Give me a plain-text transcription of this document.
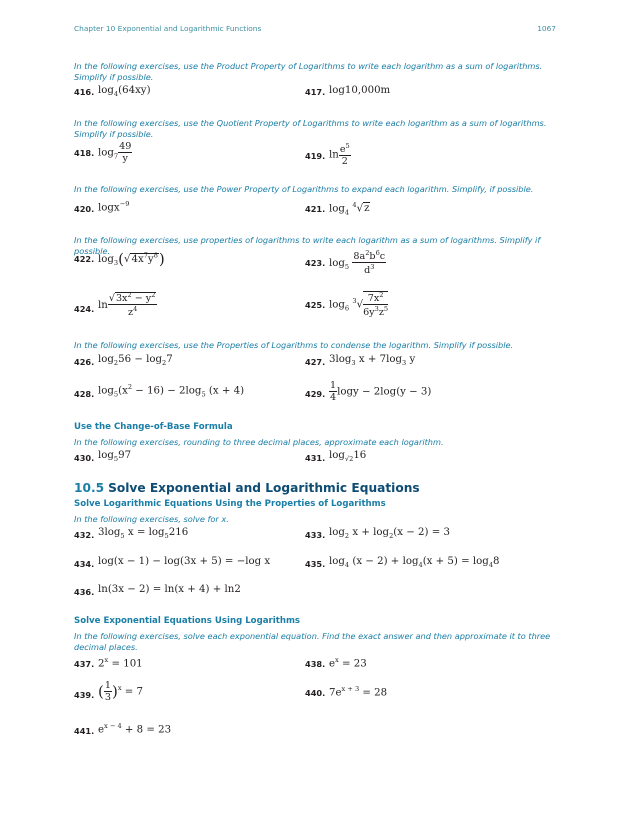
Chapter 10 Exponential and Logarithmic Functions	1067
In the following exercises, use the Product Property of Logarithms to write each logarithm as a sum of logarithms. Simplify if possible.
416. $\log_4(64xy)$	417. log10,000m
In the following exercises, use the Quotient Property of Logarithms to write each logarithm as a sum of logarithms. Simplify if possible.
418. $\log_7 \frac{49}{y}$	419. $\ln \frac{e^5}{2}$
In the following exercises, use the Power Property of Logarithms to expand each logarithm. Simplify, if possible.
420. logx$^{-9}$	421. $\log_4 ^4√z$
In the following exercises, use properties of logarithms to write each logarithm as a sum of logarithms. Simplify if possible.
422. $\log_3(√4x^7y^8)$	423. $\log_5 \frac{8a^2b^6c}{d^3}$
424. $\ln \frac{√3x^2 - y^2}{z^4}$	425. $\log_6 ^3√ \frac{7x^2}{6y^3z^5}$
In the following exercises, use the Properties of Logarithms to condense the logarithm. Simplify if possible.
426. $\log_256 - \log_27$	427. $3\log_3$ $x + 7\log_3$ y
428. $\log_5(x^2 - 16) - 2\log_5$ (x + 4)	429. $\frac{1}{4}$ logy − 2log(y − 3)
Use the Change-of-Base Formula
In the following exercises, rounding to three decimal places, approximate each logarithm.
430. $\log_597$	431. $\log_{√2}16$
10.5 Solve Exponential and Logarithmic Equations
Solve Logarithmic Equations Using the Properties of Logarithms
In the following exercises, solve for x.
432. $3\log_5$ $x = \log_5216$	433. $\log_2 x + \log_2(x - 2) = 3$
434. log(x − 1) − log(3x + 5) = −log x	435. $\log_4 (x - 2) + \log_4(x + 5) = \log_48$
436. ln(3x − 2) = ln(x + 4) + ln2
Solve Exponential Equations Using Logarithms
In the following exercises, solve each exponential equation. Find the exact answer and then approximate it to three decimal places.
437. $2^x = 101$	438. $e^x = 23$
439. ( $\frac{1}{3} )^x = 7$	440. $7e^{x + 3} = 28$
441. $e^{x - 4} + 8 = 23$
